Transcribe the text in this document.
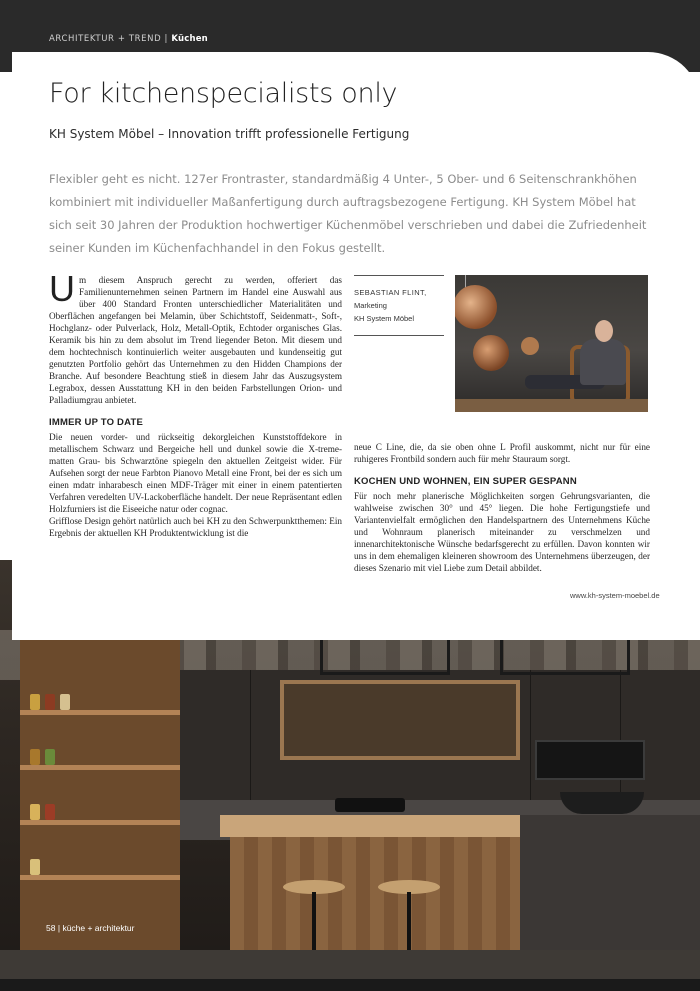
ARCHITEKTUR + TREND | Küchen
For kitchenspecialists only
KH System Möbel – Innovation trifft professionelle Fertigung
Flexibler geht es nicht. 127er Frontraster, standardmäßig 4 Unter-, 5 Ober- und 6 Seitenschrankhöhen kombiniert mit individueller Maßanfertigung durch auftragsbezogene Fertigung. KH System Möbel hat sich seit 30 Jahren der Produktion hochwertiger Küchenmöbel verschrieben und dabei die Zufriedenheit seiner Kunden im Küchenfachhandel in den Fokus gestellt.
U m diesem Anspruch gerecht zu werden, offeriert das Familienunternehmen seinen Partnern im Handel eine Auswahl aus über 400 Standard Fronten unterschiedlicher Materialitäten und Oberflächen angefangen bei Melamin, über Schichtstoff, Seidenmatt-, Soft-, Hochglanz- oder Pulverlack, Holz, Metall-Optik, Echtoder organisches Glas. Keramik bis hin zu dem absolut im Trend liegender Beton. Mit diesem und dem hochtechnisch kontinuierlich weiter ausgebauten und kundenseitig gut genutzten Portfolio gehört das Unternehmen zu den Hidden Champions der Branche. Auf besondere Beachtung stieß in diesem Jahr das Auszugsystem Legrabox, dessen Ausstattung KH in den beiden Farbstellungen Orion- und Palladiumgrau anbietet.

IMMER UP TO DATE

Die neuen vorder- und rückseitig dekorgleichen Kunststoffdekore in metallischem Schwarz und Bergeiche hell und dunkel sowie die X-treme-matten Grau- bis Schwarztöne spiegeln den aktuellen Zeitgeist wider. Für Aufsehen sorgt der neue Farbton Pianovo Metall eine Front, bei der es sich um einen mdatr inharabesch einen MDF-Träger mit einer in einem patentierten Verfahren veredelten UV-Lackoberfläche handelt. Der neue Repräsentant edlen Holzfurniers ist die Eiseeiche natur oder cognac.

Grifflose Design gehört natürlich auch bei KH zu den Schwerpunktthemen: Ein Ergebnis der aktuellen KH Produktentwicklung ist die

SEBASTIAN FLINT,
Marketing
KH System Möbel

neue C Line, die, da sie oben ohne L Profil auskommt, nicht nur für eine ruhigeres Frontbild sondern auch für mehr Stauraum sorgt.

KOCHEN UND WOHNEN, EIN SUPER GESPANN

Für noch mehr planerische Möglichkeiten sorgen Gehrungsvarianten, die wahlweise zwischen 30° und 45° liegen. Die hohe Fertigungstiefe und Variantenvielfalt ermöglichen den Handelspartnern des Unternehmens Küche und Wohnraum planerisch miteinander zu verschmelzen und innenarchitektonische Wünsche bedarfsgerecht zu erfüllen. Davon konnten wir uns in dem ehemaligen kleineren showroom des Unternehmens überzeugen, der dieses Szenario mit viel Liebe zum Detail abbildet.

www.kh-system-moebel.de
58 | küche + architektur
